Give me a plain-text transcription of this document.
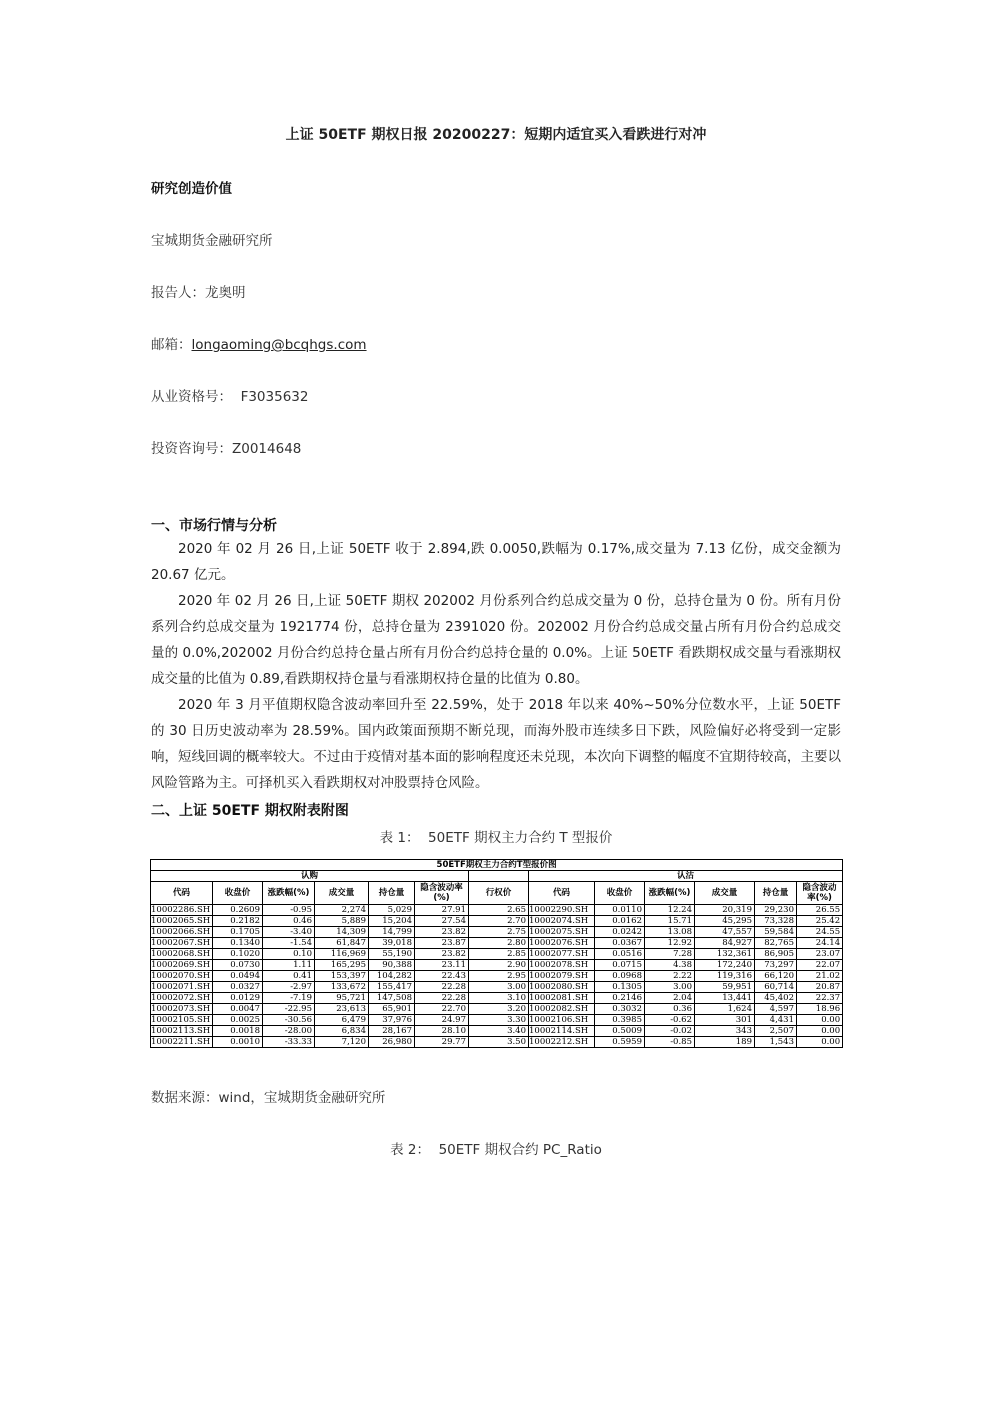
上证 50ETF 期权日报 20200227：短期内适宜买入看跌进行对冲
研究创造价值
宝城期货金融研究所
报告人：龙奥明
邮箱：longaoming@bcqhgs.com
从业资格号：  F3035632
投资咨询号：Z0014648
一、市场行情与分析

2020 年 02 月 26 日,上证 50ETF 收于 2.894,跌 0.0050,跌幅为 0.17%,成交量为 7.13 亿份，成交金额为 20.67 亿元。

2020 年 02 月 26 日,上证 50ETF 期权 202002 月份系列合约总成交量为 0 份，总持仓量为 0 份。所有月份系列合约总成交量为 1921774 份，总持仓量为 2391020 份。202002 月份合约总成交量占所有月份合约总成交量的 0.0%,202002 月份合约总持仓量占所有月份合约总持仓量的 0.0%。上证 50ETF 看跌期权成交量与看涨期权成交量的比值为 0.89,看跌期权持仓量与看涨期权持仓量的比值为 0.80。

2020 年 3 月平值期权隐含波动率回升至 22.59%，处于 2018 年以来 40%~50%分位数水平，上证 50ETF 的 30 日历史波动率为 28.59%。国内政策面预期不断兑现，而海外股市连续多日下跌，风险偏好必将受到一定影响，短线回调的概率较大。不过由于疫情对基本面的影响程度还未兑现，本次向下调整的幅度不宜期待较高，主要以风险管路为主。可择机买入看跌期权对冲股票持仓风险。

二、上证 50ETF 期权附表附图
表 1：  50ETF 期权主力合约 T 型报价
50ETF期权主力合约T型报价图												
认购							认沽					
代码	收盘价	涨跌幅(%)	成交量	持仓量	隐含波动率(%)	行权价	代码	收盘价	涨跌幅(%)	成交量	持仓量	隐含波动率(%)
10002286.SH	0.2609	-0.95	2,274	5,029	27.91	2.65	10002290.SH	0.0110	12.24	20,319	29,230	26.55
10002065.SH	0.2182	0.46	5,889	15,204	27.54	2.70	10002074.SH	0.0162	15.71	45,295	73,328	25.42
10002066.SH	0.1705	-3.40	14,309	14,799	23.82	2.75	10002075.SH	0.0242	13.08	47,557	59,584	24.55
10002067.SH	0.1340	-1.54	61,847	39,018	23.87	2.80	10002076.SH	0.0367	12.92	84,927	82,765	24.14
10002068.SH	0.1020	0.10	116,969	55,190	23.82	2.85	10002077.SH	0.0516	7.28	132,361	86,905	23.07
10002069.SH	0.0730	1.11	165,295	90,388	23.11	2.90	10002078.SH	0.0715	4.38	172,240	73,297	22.07
10002070.SH	0.0494	0.41	153,397	104,282	22.43	2.95	10002079.SH	0.0968	2.22	119,316	66,120	21.02
10002071.SH	0.0327	-2.97	133,672	155,417	22.28	3.00	10002080.SH	0.1305	3.00	59,951	60,714	20.87
10002072.SH	0.0129	-7.19	95,721	147,508	22.28	3.10	10002081.SH	0.2146	2.04	13,441	45,402	22.37
10002073.SH	0.0047	-22.95	23,613	65,901	22.70	3.20	10002082.SH	0.3032	0.36	1,624	4,597	18.96
10002105.SH	0.0025	-30.56	6,479	37,976	24.97	3.30	10002106.SH	0.3985	-0.62	301	4,431	0.00
10002113.SH	0.0018	-28.00	6,834	28,167	28.10	3.40	10002114.SH	0.5009	-0.02	343	2,507	0.00
10002211.SH	0.0010	-33.33	7,120	26,980	29.77	3.50	10002212.SH	0.5959	-0.85	189	1,543	0.00
数据来源：wind，宝城期货金融研究所
表 2：  50ETF 期权合约 PC_Ratio
